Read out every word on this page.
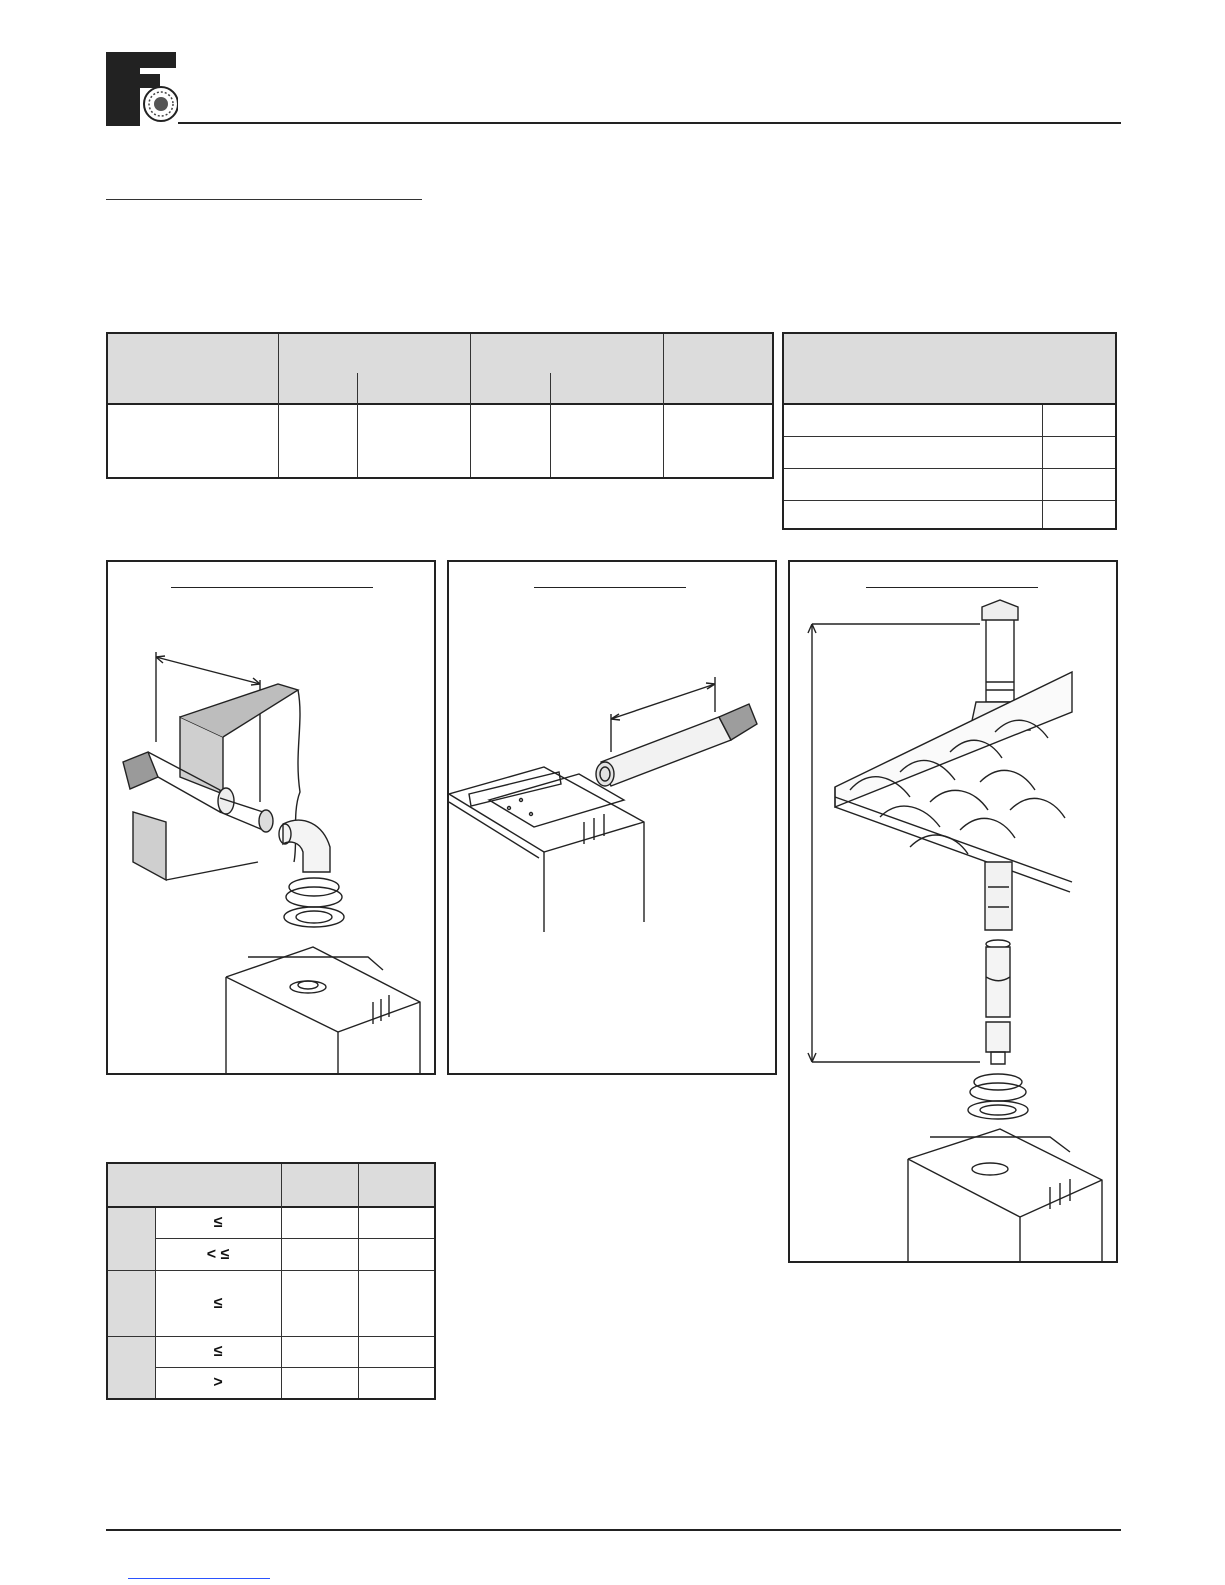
≤
< ≤
≤
≤
>
